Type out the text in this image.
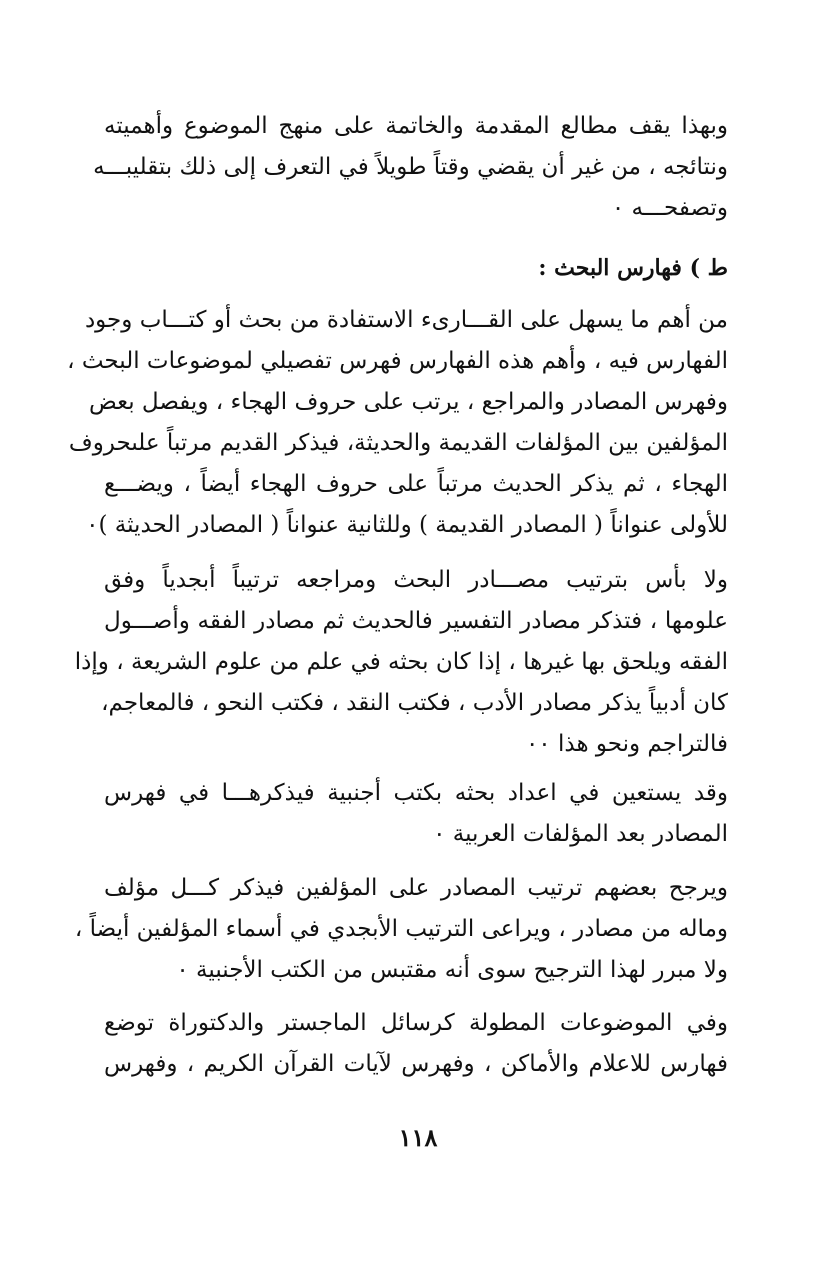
وبهذا يقف مطالع المقدمة والخاتمة على منهج الموضوع وأهميته
ونتائجه ، من غير أن يقضي وقتاً طويلاً في التعرف إلى ذلك بتقليبـــه
وتصفحـــه ٠
ط ) فهارس البحث :
من أهم ما يسهل على القـــارىء الاستفادة من بحث أو كتـــاب وجود
الفهارس فيه ، وأهم هذه الفهارس فهرس تفصيلي لموضوعات البحث ،
وفهرس المصادر والمراجع ، يرتب على حروف الهجاء ، ويفصل بعض
المؤلفين بين المؤلفات القديمة والحديثة، فيذكر القديم مرتباً علىحروف
الهجاء ، ثم يذكر الحديث مرتباً على حروف الهجاء أيضاً ، ويضـــع
للأولى عنواناً ( المصادر القديمة ) وللثانية عنواناً ( المصادر الحديثة )٠
ولا بأس بترتيب مصـــادر البحث ومراجعه ترتيباً أبجدياً وفق
علومها ، فتذكر مصادر التفسير فالحديث ثم مصادر الفقه وأصـــول
الفقه ويلحق بها غيرها ، إذا كان بحثه في علم من علوم الشريعة ، وإذا
كان أدبياً يذكر مصادر الأدب ، فكتب النقد ، فكتب النحو ، فالمعاجم،
فالتراجم ونحو هذا ٠٠
وقد يستعين في اعداد بحثه بكتب أجنبية فيذكرهـــا في فهرس
المصادر بعد المؤلفات العربية ٠
ويرجح بعضهم ترتيب المصادر على المؤلفين فيذكر كـــل مؤلف
وماله من مصادر ، ويراعى الترتيب الأبجدي في أسماء المؤلفين أيضاً ،
ولا مبرر لهذا الترجيح سوى أنه مقتبس من الكتب الأجنبية ٠
وفي الموضوعات المطولة كرسائل الماجستر والدكتوراة توضع
فهارس للاعلام والأماكن ، وفهرس لآيات القرآن الكريم ، وفهرس
١١٨
